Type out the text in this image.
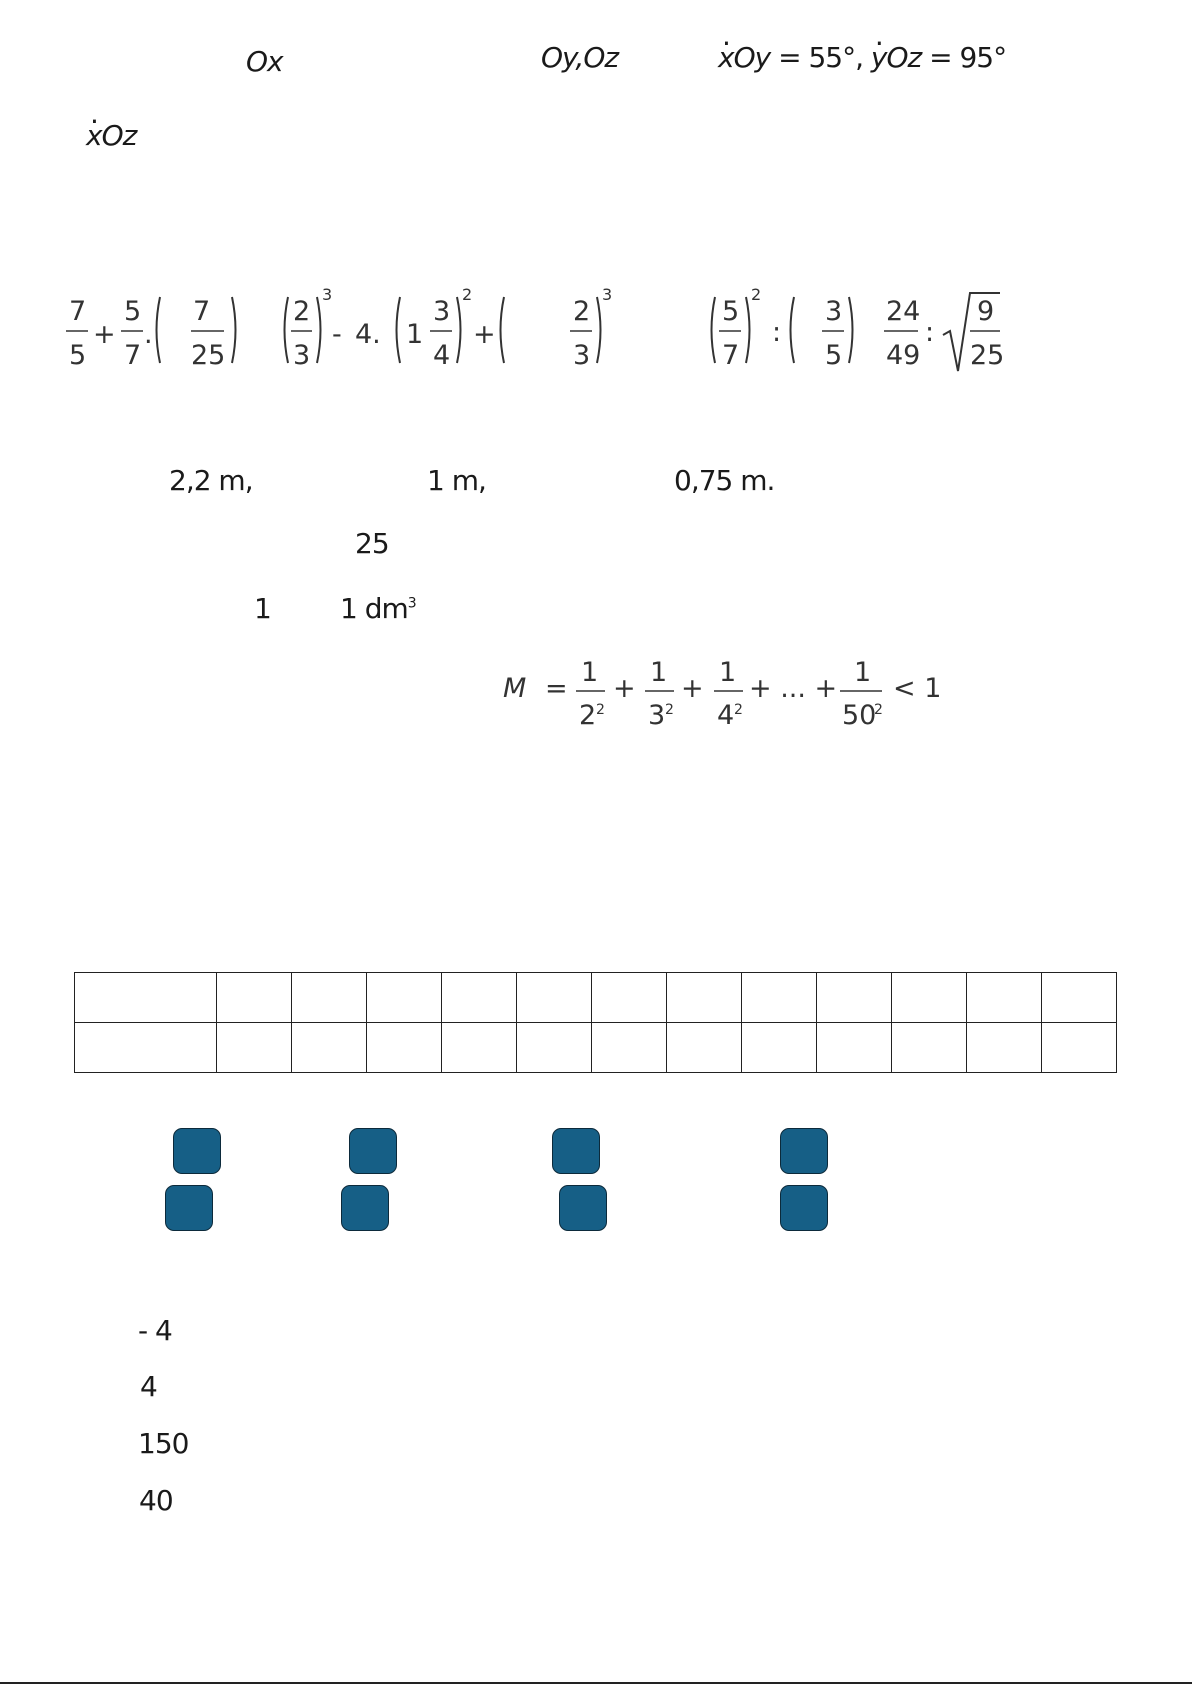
Ox	Oy,Oz	. xOy = 55°, . yOz = 95°
. xOz
7
5
+
5
7
.
7
25
2
3
3
- 4. 1
3
4
2
+
2
3
3
5
7
2
:
3
5
24
49
:
9
25
2,2 m,	1 m,	0,75 m.
25
1 1 $dm^3$
M =
1
2 2
+
1
3 2
+
1
4 2
+ ... +
1
50
2
< 1

- 4
4
150
40
